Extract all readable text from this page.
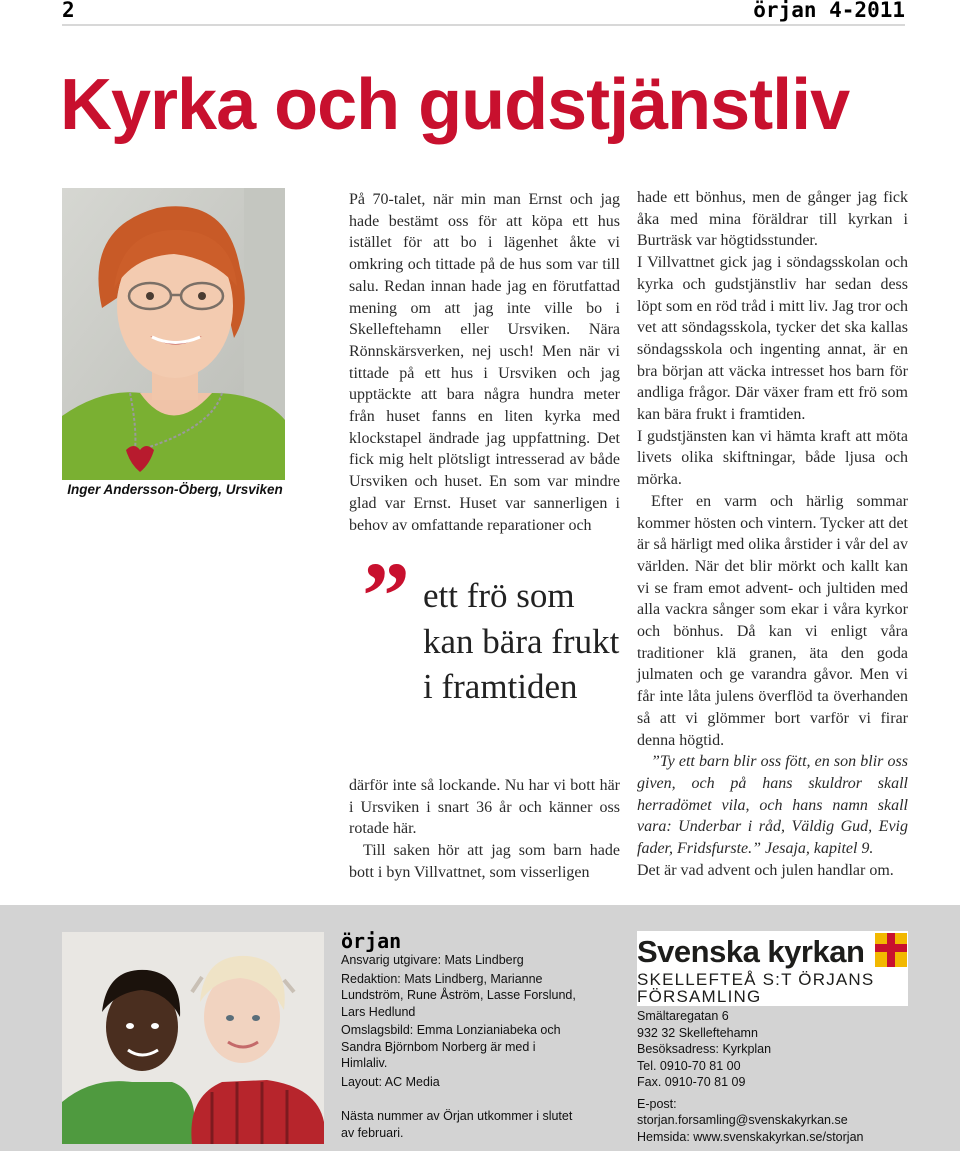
2	örjan 4-2011
Kyrka och gudstjänstliv
Inger Andersson-Öberg, Ursviken

På 70-talet, när min man Ernst och jag hade bestämt oss för att köpa ett hus istället för att bo i lägenhet åkte vi omkring och tittade på de hus som var till salu. Redan innan hade jag en förutfattad mening om att jag inte ville bo i Skelleftehamn eller Ursviken. Nära Rönnskärsverken, nej usch! Men när vi tittade på ett hus i Ursviken och jag upptäckte att bara några hundra meter från huset fanns en liten kyrka med klockstapel ändrade jag uppfattning. Det fick mig helt plötsligt intresserad av både Ursviken och huset. En som var mindre glad var Ernst. Huset var sannerligen i behov av omfattande reparationer och

” ett frö som kan bära frukt i framtiden

därför inte så lockande. Nu har vi bott här i Ursviken i snart 36 år och känner oss rotade här.

Till saken hör att jag som barn hade bott i byn Villvattnet, som visserligen

hade ett bönhus, men de gånger jag fick åka med mina föräldrar till kyrkan i Burträsk var högtidsstunder.

I Villvattnet gick jag i söndagsskolan och kyrka och gudstjänstliv har sedan dess löpt som en röd tråd i mitt liv. Jag tror och vet att söndagsskola, tycker det ska kallas söndagsskola och ingenting annat, är en bra början att väcka intresset hos barn för andliga frågor. Där växer fram ett frö som kan bära frukt i framtiden.

I gudstjänsten kan vi hämta kraft att möta livets olika skiftningar, både ljusa och mörka.

Efter en varm och härlig sommar kommer hösten och vintern. Tycker att det är så härligt med olika årstider i vår del av världen. När det blir mörkt och kallt kan vi se fram emot advent- och jultiden med alla vackra sånger som ekar i våra kyrkor och bönhus. Då kan vi enligt våra traditioner klä granen, äta den goda julmaten och ge varandra gåvor. Men vi får inte låta julens överflöd ta överhanden så att vi glömmer bort varför vi firar denna högtid.

”Ty ett barn blir oss fött, en son blir oss given, och på hans skuldror skall herradömet vila, och hans namn skall vara: Underbar i råd, Väldig Gud, Evig fader, Fridsfurste.” Jesaja, kapitel 9.

Det är vad advent och julen handlar om.

örjan
Ansvarig utgivare: Mats Lindberg
Redaktion: Mats Lindberg, Marianne Lundström, Rune Åström, Lasse Forslund, Lars Hedlund
Omslagsbild: Emma Lonzianiabeka och Sandra Björnbom Norberg är med i Himlaliv.
Layout: AC Media
Nästa nummer av Örjan utkommer i slutet av februari.
Svenska kyrkan
SKELLEFTEÅ S:T ÖRJANS
FÖRSAMLING
Smältaregatan 6
932 32 Skelleftehamn
Besöksadress: Kyrkplan
Tel. 0910-70 81 00
Fax. 0910-70 81 09
E-post:
storjan.forsamling@svenskakyrkan.se
Hemsida: www.svenskakyrkan.se/storjan
